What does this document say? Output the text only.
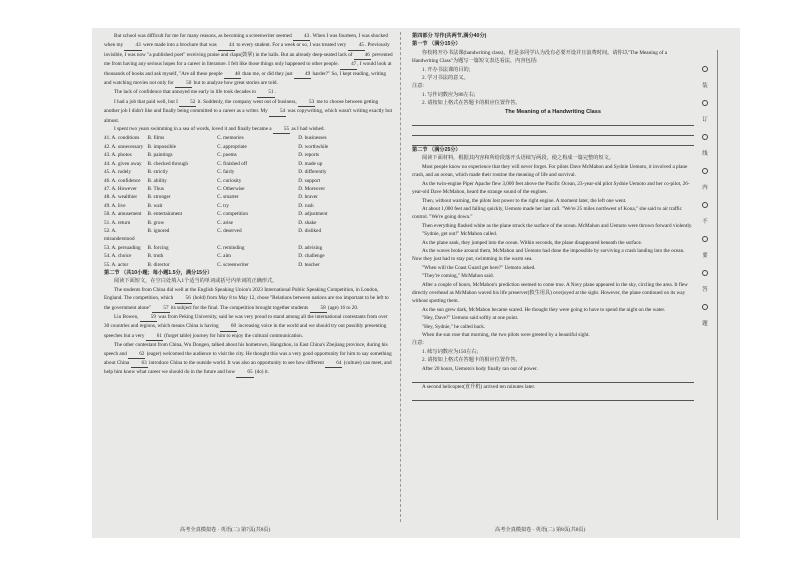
But school was difficult for me for many reasons, as becoming a screenwriter seemed 43. When I was fourteen, I was shocked when my 43 were made into a brochure that was 44 to every student. For a week or so, I was treated very 45. Previously invisible, I was now "a published poet" receiving praise and claps(鼓掌) in the halls. But an already deep-seated lack of 46 prevented me from having any serious hopes for a career in literature. I felt like those things only happened to other people. 47, I would look at thousands of books and ask myself, "Are all these people 48 than me, or did they just 49 harder?" So, I kept reading, writing and watching movies not only for 50 but to analyze how great stories are told.

The lack of confidence that annoyed me early in life took decades to 51.

I had a job that paid well, but I 52 it. Suddenly, the company went out of business, 53 me to choose between getting another job I didn't like and finally being committed to a career as a writer. My 54 was copywriting, which wasn't writing exactly but almost.

I spent two years swimming in a sea of words, loved it and finally became a 55 as I had wished.

41. A. conditions	B. films	C. memories	D. businesses
42. A. unnecessary B. impossible	C. appropriate	D. worthwhile
43. A. photos	B. paintings	C. poems	D. reports
44. A. given away	B. checked through	C. finished off	D. made up
45. A. rudely	B. strictly	C. fairly	D. differently
46. A. confidence	B. ability	C. curiosity	D. support
47. A. However	B. Thus	C. Otherwise	D. Moreover
48. A. wealthier	B. stronger	C. smarter	D. braver
49. A. live	B. wait	C. try	D. rush
50. A. amusement	B. entertainment	C. competition	D. adjustment
51. A. return	B. grow	C. arise	D. shake
52. A. misunderstood
B. ignored	C. deserved	D. disliked
53. A. persuading	B. forcing	C. reminding	D. advising
54. A. choice	B. truth	C. aim	D. challenge
55. A. actor	B. director	C. screenwriter	D. teacher

第二节 （共10小题；每小题1.5分，满分15分）

阅读下面短文，在空白处填入1个适当的单词或括号内单词的正确形式。

The students from China did well at the English Speaking Union's 2023 International Public Speaking Competition, in London, England. The competition, which 56 (hold) from May 8 to May 12, chose "Relations between nations are too important to be left to the government alone" 57 its subject for the final. The competition brought together students 58 (age) 16 to 20.

Liu Bowen, 59 was from Peking University, said he was very proud to stand among all the international contestants from over 30 countries and regions, which means China is having 60 increasing voice in the world and we should try out possibly presenting speeches but a very 61 (forget table) journey for him to enjoy the cultural communication.

The other contestant from China, Wu Dongen, talked about his hometown, Hangzhou, in East China's Zhejiang province, during his speech and 62 (eager) welcomed the audience to visit the city. He thought this was a very good opportunity for him to say something about China 63 introduce China to the outside world. It was also an opportunity to see how different 64 (culture) can meet, and help him know what career we should do in the future and how 65 (do) it.

第四部分 写作(共两节,满分40分)

第一节 （满分15分）

你校将开办书法课(handwriting class)，但是多同学认为没有必要开设并且浪费时间。请你以"The Meaning of a Handwriting Class"为题写一篇短文表达看法，内容包括:

1. 开办书法课的目的;

2. 学习书法的意义。

注意:

1. 写作词数应为80左右;

2. 请按如上格式在答题卡的相应位置作答。

The Meaning of a Handwriting Class

第二节 （满分25分）

阅读下面材料，根据其内容和所给段落开头语续写两段，使之构成一篇完整的短文。

Most people know no experience that they will never forget. For pilots Dave McMahon and Sydnie Uemoto, it involved a plane crash, and an ocean, which made their routine the meaning of life and survival.

As the twin-engine Piper Apache flew 3,000 feet above the Pacific Ocean, 23-year-old pilot Sydnie Uemoto and her co-pilot, 26-year-old Dave McMahon, heard the strange sound of the engines.

Then, without warning, the pilots lost power to the right engine. A moment later, the left one went.

At about 1,000 feet and falling quickly, Uemoto made her last call. "We're 25 miles northwest of Kona," she said to air traffic control. "We're going down."

Then everything flashed white as the plane struck the surface of the ocean. McMahon and Uemoto were thrown forward violently.

"Sydnie, get out!" McMahon called.

As the plane sank, they jumped into the ocean. Within seconds, the plane disappeared beneath the surface.

As the waves broke around them, McMahon and Uemoto had done the impossible by surviving a crash landing into the ocean. Now they just had to stay put, swimming in the warm sea.

"When will the Coast Guard get here?" Uemoto asked.

"They're coming," McMahon said.

After a couple of hours, McMahon's prediction seemed to come true. A Navy plane appeared in the sky, circling the area. It flew directly overhead as McMahon waved his life preserver(救生用具) overjoyed at the sight. However, the plane continued on its way without spotting them.

As the sun grew dark, McMahon became scared. He thought they were going to have to spend the night on the water.

"Hey, Dave?" Uemoto said softly at one point.

"Hey, Sydnie," he called back.

When the sun rose that morning, the two pilots were greeted by a beautiful sight.

注意:

1. 续写词数应为150左右;

2. 请按如上格式在答题卡的相应位置作答。

After 20 hours, Uemoto's body finally ran out of power.

A second helicopter(直升机) arrived ten minutes later.

装
订
线
内
不
要
答
题
高考全真模拟卷 · 英语(二) 第7页(共8页)	高考全真模拟卷 · 英语(二) 第8页(共8页)
